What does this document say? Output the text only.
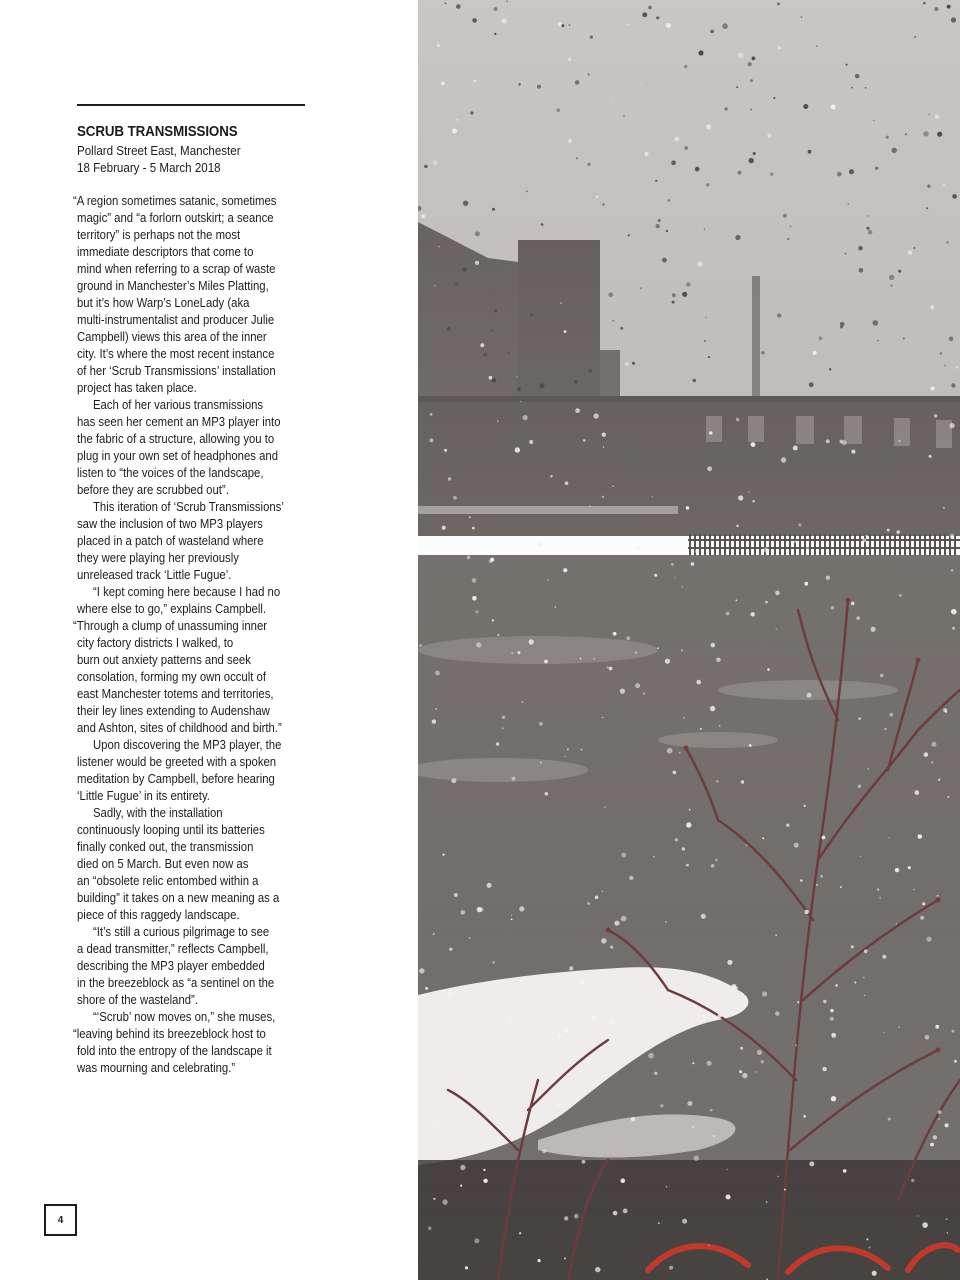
SCRUB TRANSMISSIONS
Pollard Street East, Manchester
18 February - 5 March 2018
“A region sometimes satanic, sometimes
magic” and “a forlorn outskirt; a seance
territory” is perhaps not the most
immediate descriptors that come to
mind when referring to a scrap of waste
ground in Manchester’s Miles Platting,
but it’s how Warp’s LoneLady (aka
multi-instrumentalist and producer Julie
Campbell) views this area of the inner
city. It’s where the most recent instance
of her ‘Scrub Transmissions’ installation
project has taken place.
Each of her various transmissions
has seen her cement an MP3 player into
the fabric of a structure, allowing you to
plug in your own set of headphones and
listen to “the voices of the landscape,
before they are scrubbed out”.
This iteration of ‘Scrub Transmissions’
saw the inclusion of two MP3 players
placed in a patch of wasteland where
they were playing her previously
unreleased track ‘Little Fugue’.
“I kept coming here because I had no
where else to go,” explains Campbell.
“Through a clump of unassuming inner
city factory districts I walked, to
burn out anxiety patterns and seek
consolation, forming my own occult of
east Manchester totems and territories,
their ley lines extending to Audenshaw
and Ashton, sites of childhood and birth.”
Upon discovering the MP3 player, the
listener would be greeted with a spoken
meditation by Campbell, before hearing
‘Little Fugue’ in its entirety.
Sadly, with the installation
continuously looping until its batteries
finally conked out, the transmission
died on 5 March. But even now as
an “obsolete relic entombed within a
building” it takes on a new meaning as a
piece of this raggedy landscape.
“It’s still a curious pilgrimage to see
a dead transmitter,” reflects Campbell,
describing the MP3 player embedded
in the breezeblock as “a sentinel on the
shore of the wasteland”.
“‘Scrub’ now moves on,” she muses,
“leaving behind its breezeblock host to
fold into the entropy of the landscape it
was mourning and celebrating.”
4
